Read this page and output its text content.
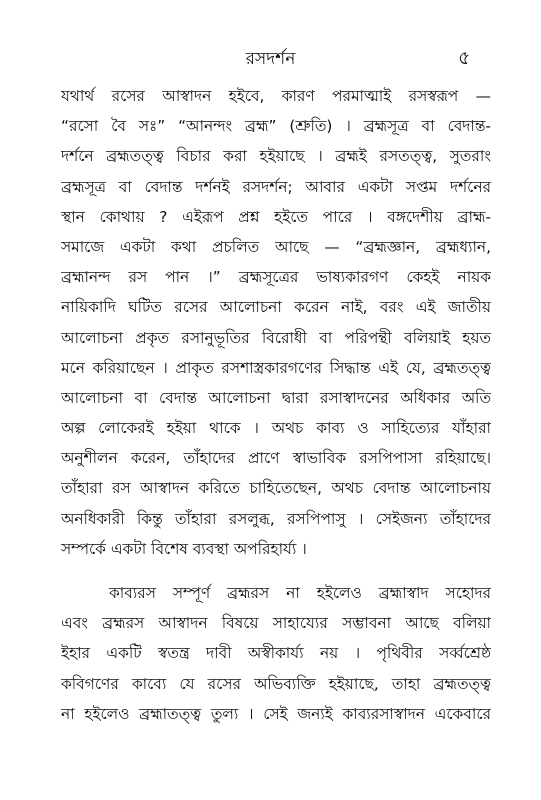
রসদর্শন	৫
যথার্থ রসের আস্বাদন হইবে, কারণ পরমাত্মাই রসস্বরূপ —
“রসো বৈ সঃ” “আনন্দং ব্রহ্ম” (শ্রুতি) । ব্রহ্মসূত্র বা বেদান্ত-
দর্শনে ব্রহ্মতত্ত্ব বিচার করা হইয়াছে । ব্রহ্মই রসতত্ত্ব, সুতরাং
ব্রহ্মসূত্র বা বেদান্ত দর্শনই রসদর্শন; আবার একটা সপ্তম দর্শনের
স্থান কোথায় ? এইরূপ প্রশ্ন হইতে পারে । বঙ্গদেশীয় ব্রাহ্ম-
সমাজে একটা কথা প্রচলিত আছে — “ব্রহ্মজ্ঞান, ব্রহ্মধ্যান,
ব্রহ্মানন্দ রস পান ।” ব্রহ্মসূত্রের ভাষ্যকারগণ কেহই নায়ক
নায়িকাদি ঘটিত রসের আলোচনা করেন নাই, বরং এই জাতীয়
আলোচনা প্রকৃত রসানুভূতির বিরোধী বা পরিপন্থী বলিয়াই হয়ত
মনে করিয়াছেন । প্রাকৃত রসশাস্ত্রকারগণের সিদ্ধান্ত এই যে, ব্রহ্মতত্ত্ব
আলোচনা বা বেদান্ত আলোচনা দ্বারা রসাস্বাদনের অধিকার অতি
অল্প লোকেরই হইয়া থাকে । অথচ কাব্য ও সাহিত্যের যাঁহারা
অনুশীলন করেন, তাঁহাদের প্রাণে স্বাভাবিক রসপিপাসা রহিয়াছে।
তাঁহারা রস আস্বাদন করিতে চাহিতেছেন, অথচ বেদান্ত আলোচনায়
অনধিকারী কিন্তু তাঁহারা রসলুব্ধ, রসপিপাসু । সেইজন্য তাঁহাদের
সম্পর্কে একটা বিশেষ ব্যবস্থা অপরিহার্য্য ।
কাব্যরস সম্পূর্ণ ব্রহ্মরস না হইলেও ব্রহ্মাস্বাদ সহোদর
এবং ব্রহ্মরস আস্বাদন বিষয়ে সাহায্যের সম্ভাবনা আছে বলিয়া
ইহার একটি স্বতন্ত্র দাবী অস্বীকার্য্য নয় । পৃথিবীর সর্ব্বশ্রেষ্ঠ
কবিগণের কাব্যে যে রসের অভিব্যক্তি হইয়াছে, তাহা ব্রহ্মতত্ত্ব
না হইলেও ব্রহ্মাতত্ত্ব তুল্য । সেই জন্যই কাব্যরসাস্বাদন একেবারে
